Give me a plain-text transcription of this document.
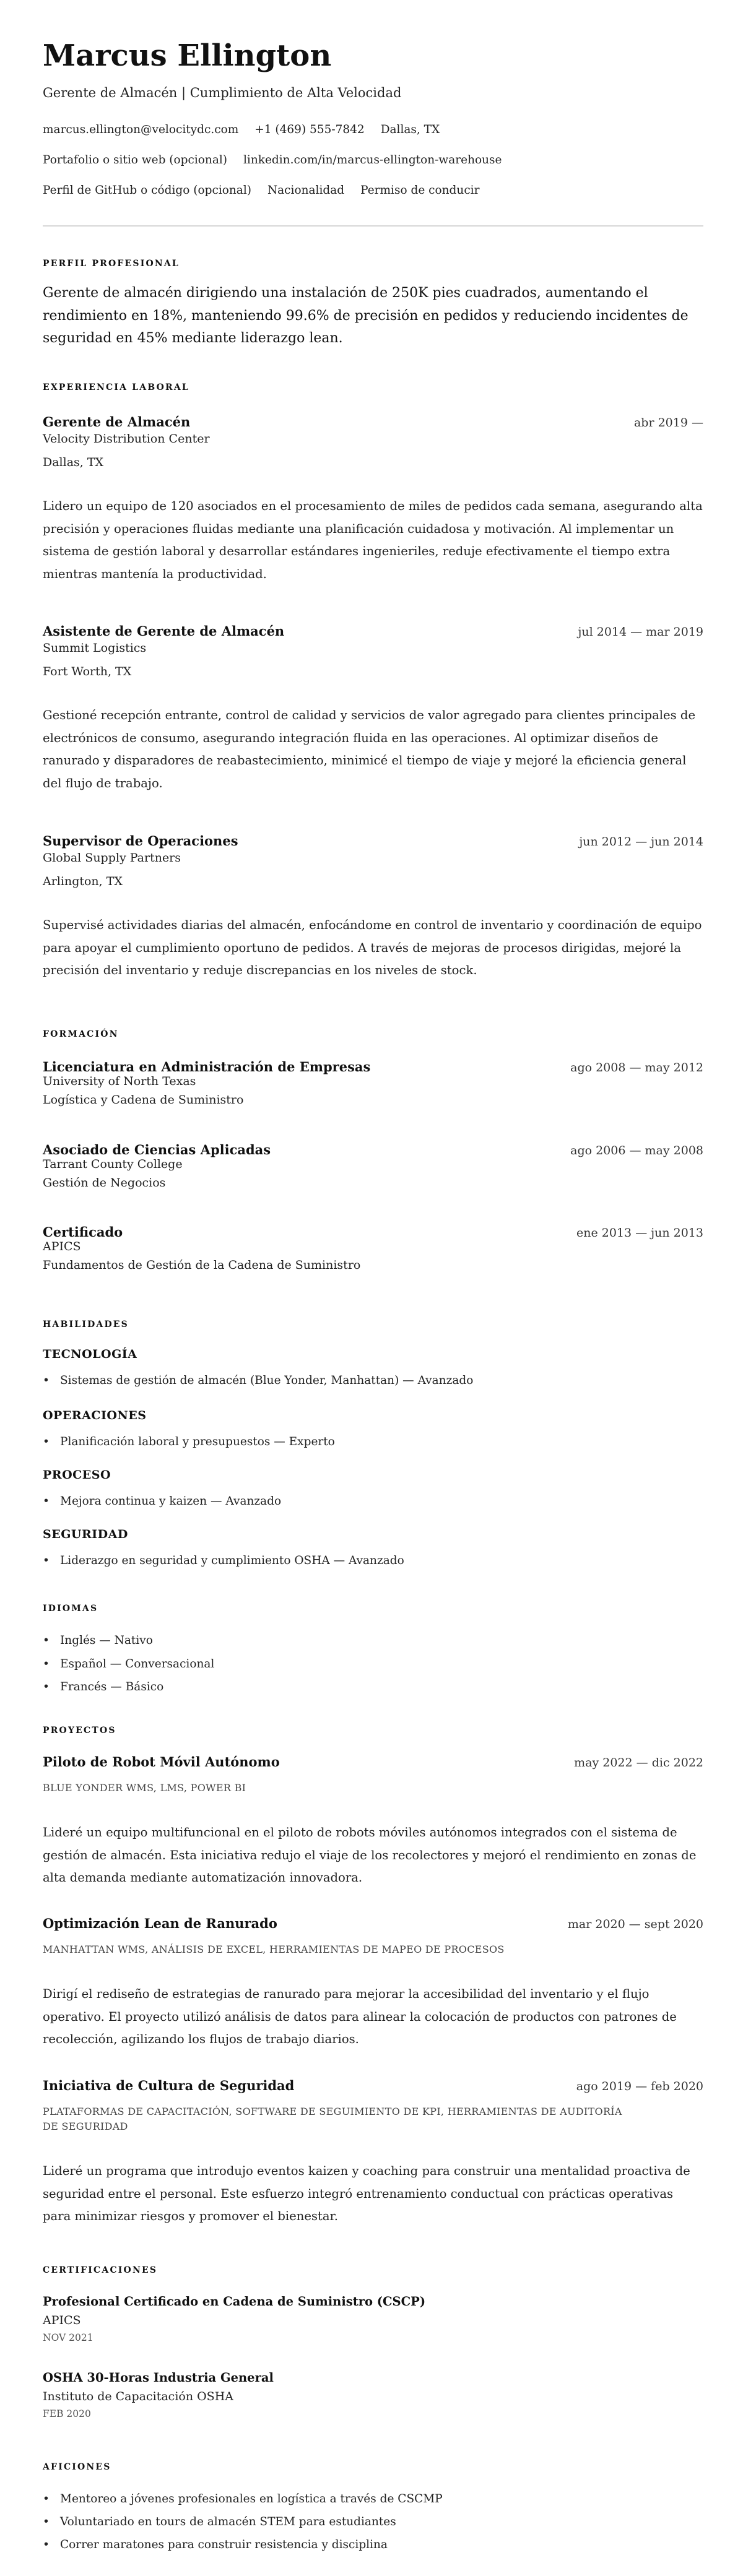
Marcus Ellington
Gerente de Almacén | Cumplimiento de Alta Velocidad
marcus.ellington@velocitydc.com +1 (469) 555-7842 Dallas, TX
Portafolio o sitio web (opcional) linkedin.com/in/marcus-ellington-warehouse
Perfil de GitHub o código (opcional) Nacionalidad Permiso de conducir
PERFIL PROFESIONAL
Gerente de almacén dirigiendo una instalación de 250K pies cuadrados, aumentando el rendimiento en 18%, manteniendo 99.6% de precisión en pedidos y reduciendo incidentes de seguridad en 45% mediante liderazgo lean.
EXPERIENCIA LABORAL
Gerente de Almacén	abr 2019 —
Velocity Distribution Center
Dallas, TX
Lidero un equipo de 120 asociados en el procesamiento de miles de pedidos cada semana, asegurando alta precisión y operaciones fluidas mediante una planificación cuidadosa y motivación. Al implementar un sistema de gestión laboral y desarrollar estándares ingenieriles, reduje efectivamente el tiempo extra mientras mantenía la productividad.
Asistente de Gerente de Almacén	jul 2014 — mar 2019
Summit Logistics
Fort Worth, TX
Gestioné recepción entrante, control de calidad y servicios de valor agregado para clientes principales de electrónicos de consumo, asegurando integración fluida en las operaciones. Al optimizar diseños de ranurado y disparadores de reabastecimiento, minimicé el tiempo de viaje y mejoré la eficiencia general del flujo de trabajo.
Supervisor de Operaciones	jun 2012 — jun 2014
Global Supply Partners
Arlington, TX
Supervisé actividades diarias del almacén, enfocándome en control de inventario y coordinación de equipo para apoyar el cumplimiento oportuno de pedidos. A través de mejoras de procesos dirigidas, mejoré la precisión del inventario y reduje discrepancias en los niveles de stock.
FORMACIÓN
Licenciatura en Administración de Empresas	ago 2008 — may 2012
University of North Texas
Logística y Cadena de Suministro
Asociado de Ciencias Aplicadas	ago 2006 — may 2008
Tarrant County College
Gestión de Negocios
Certificado	ene 2013 — jun 2013
APICS
Fundamentos de Gestión de la Cadena de Suministro
HABILIDADES
TECNOLOGÍA
• Sistemas de gestión de almacén (Blue Yonder, Manhattan) — Avanzado
OPERACIONES
• Planificación laboral y presupuestos — Experto
PROCESO
• Mejora continua y kaizen — Avanzado
SEGURIDAD
• Liderazgo en seguridad y cumplimiento OSHA — Avanzado
IDIOMAS
• Inglés — Nativo
• Español — Conversacional
• Francés — Básico
PROYECTOS
Piloto de Robot Móvil Autónomo	may 2022 — dic 2022
BLUE YONDER WMS, LMS, POWER BI
Lideré un equipo multifuncional en el piloto de robots móviles autónomos integrados con el sistema de gestión de almacén. Esta iniciativa redujo el viaje de los recolectores y mejoró el rendimiento en zonas de alta demanda mediante automatización innovadora.
Optimización Lean de Ranurado	mar 2020 — sept 2020
MANHATTAN WMS, ANÁLISIS DE EXCEL, HERRAMIENTAS DE MAPEO DE PROCESOS
Dirigí el rediseño de estrategias de ranurado para mejorar la accesibilidad del inventario y el flujo operativo. El proyecto utilizó análisis de datos para alinear la colocación de productos con patrones de recolección, agilizando los flujos de trabajo diarios.
Iniciativa de Cultura de Seguridad	ago 2019 — feb 2020
PLATAFORMAS DE CAPACITACIÓN, SOFTWARE DE SEGUIMIENTO DE KPI, HERRAMIENTAS DE AUDITORÍA DE SEGURIDAD
Lideré un programa que introdujo eventos kaizen y coaching para construir una mentalidad proactiva de seguridad entre el personal. Este esfuerzo integró entrenamiento conductual con prácticas operativas para minimizar riesgos y promover el bienestar.
CERTIFICACIONES
Profesional Certificado en Cadena de Suministro (CSCP)
APICS
NOV 2021
OSHA 30-Horas Industria General
Instituto de Capacitación OSHA
FEB 2020
AFICIONES
• Mentoreo a jóvenes profesionales en logística a través de CSCMP
• Voluntariado en tours de almacén STEM para estudiantes
• Correr maratones para construir resistencia y disciplina
